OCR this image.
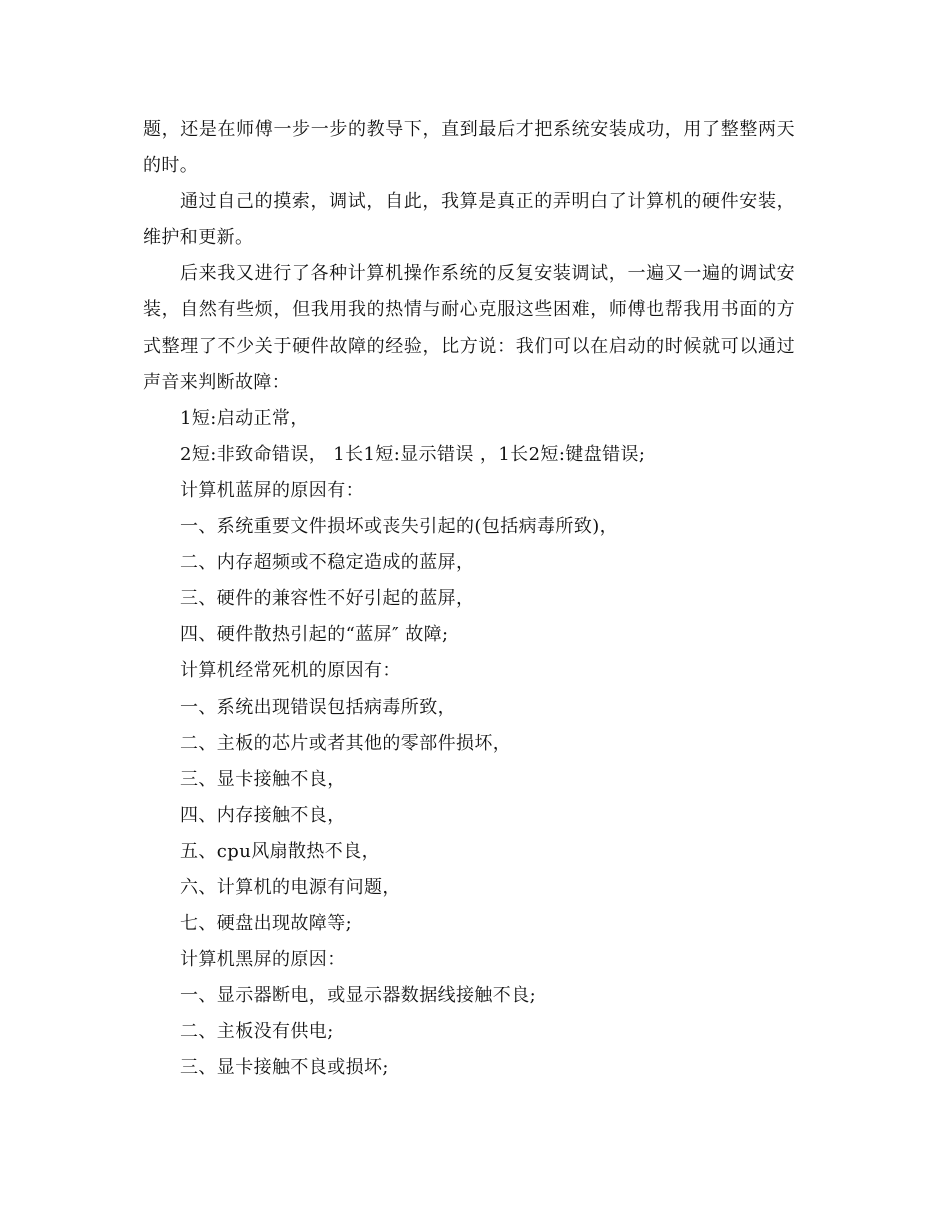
题，还是在师傅一步一步的教导下，直到最后才把系统安装成功，用了整整两天
的时。
通过自己的摸索，调试，自此，我算是真正的弄明白了计算机的硬件安装，
维护和更新。
后来我又进行了各种计算机操作系统的反复安装调试，一遍又一遍的调试安
装，自然有些烦，但我用我的热情与耐心克服这些困难，师傅也帮我用书面的方
式整理了不少关于硬件故障的经验，比方说：我们可以在启动的时候就可以通过
声音来判断故障：
1短:启动正常，
2短:非致命错误， 1长1短:显示错误 ，1长2短:键盘错误;
计算机蓝屏的原因有：
一、系统重要文件损坏或丧失引起的(包括病毒所致)，
二、内存超频或不稳定造成的蓝屏，
三、硬件的兼容性不好引起的蓝屏，
四、硬件散热引起的“蓝屏″ 故障;
计算机经常死机的原因有：
一、系统出现错误包括病毒所致，
二、主板的芯片或者其他的零部件损坏，
三、显卡接触不良，
四、内存接触不良，
五、cpu风扇散热不良，
六、计算机的电源有问题，
七、硬盘出现故障等;
计算机黑屏的原因：
一、显示器断电，或显示器数据线接触不良;
二、主板没有供电;
三、显卡接触不良或损坏;
